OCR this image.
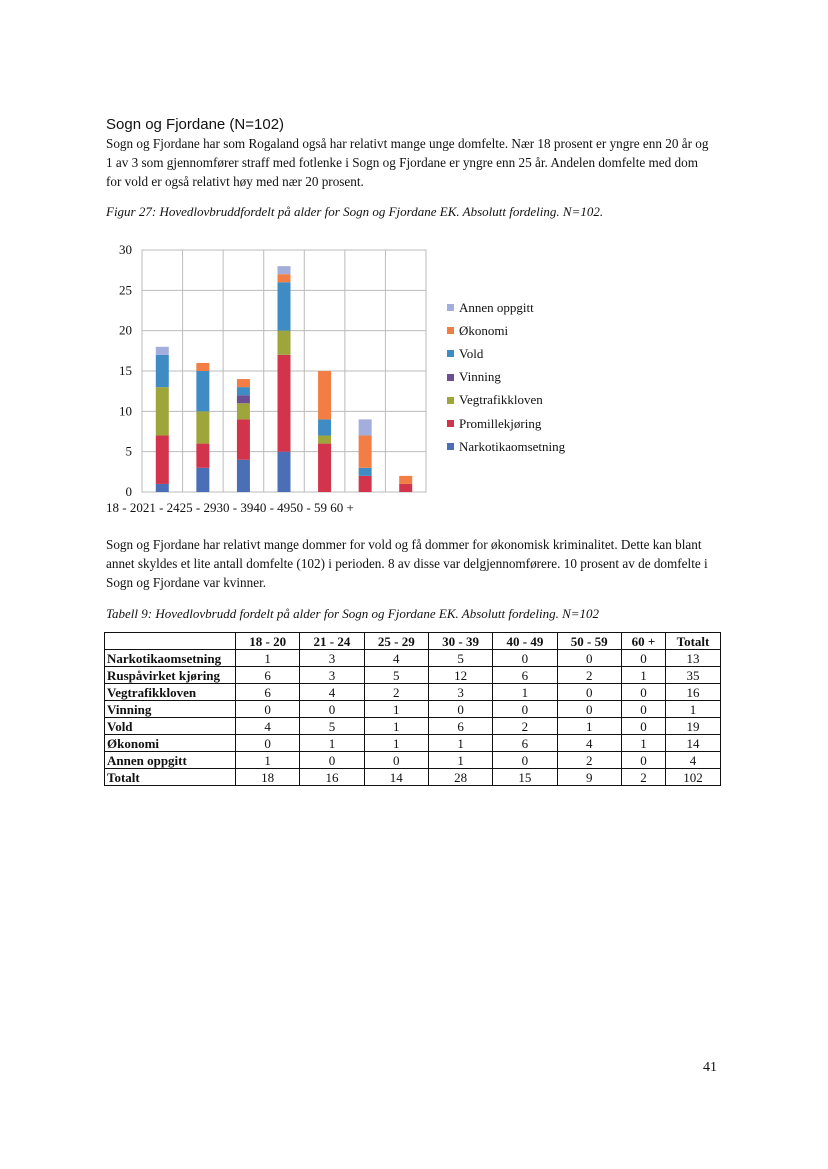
Sogn og Fjordane (N=102)

Sogn og Fjordane har som Rogaland også har relativt mange unge domfelte. Nær 18 prosent er yngre enn 20 år og 1 av 3 som gjennomfører straff med fotlenke i Sogn og Fjordane er yngre enn 25 år. Andelen domfelte med dom for vold er også relativt høy med nær 20 prosent.

Figur 27: Hovedlovbruddfordelt på alder for Sogn og Fjordane EK. Absolutt fordeling. N=102.

0
5
10
15
20
25
30
18 - 2021 - 2425 - 2930 - 3940 - 4950 - 59 60 +
Annen oppgitt
Økonomi
Vold
Vinning
Vegtrafikkloven
Promillekjøring
Narkotikaomsetning

Sogn og Fjordane har relativt mange dommer for vold og få dommer for økonomisk kriminalitet. Dette kan blant annet skyldes et lite antall domfelte (102) i perioden. 8 av disse var delgjennomførere. 10 prosent av de domfelte i Sogn og Fjordane var kvinner.

Tabell 9: Hovedlovbrudd fordelt på alder for Sogn og Fjordane EK. Absolutt fordeling. N=102

	18 - 20	21 - 24	25 - 29	30 - 39	40 - 49	50 - 59	60 +	Totalt
Narkotikaomsetning	1	3	4	5	0	0	0	13
Ruspåvirket kjøring	6	3	5	12	6	2	1	35
Vegtrafikkloven	6	4	2	3	1	0	0	16
Vinning	0	0	1	0	0	0	0	1
Vold	4	5	1	6	2	1	0	19
Økonomi	0	1	1	1	6	4	1	14
Annen oppgitt	1	0	0	1	0	2	0	4
Totalt	18	16	14	28	15	9	2	102

41
